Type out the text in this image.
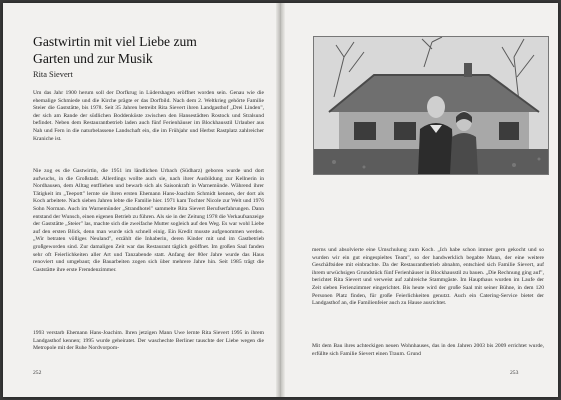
Gastwirtin mit viel Liebe zum
Garten und zur Musik
Rita Sievert

Um das Jahr 1900 herum soll der Dorfkrug in Lüdershagen eröffnet worden sein. Genau wie die ehemalige Schmiede und die Kirche prägte er das Dorfbild. Nach dem 2. Weltkrieg gehörte Familie Steier die Gaststätte, bis 1978. Seit 35 Jahren betreibt Rita Sievert ihren Landgasthof „Drei Linden", der sich am Rande der südlichen Boddenküste zwischen den Hansestädten Rostock und Stralsund befindet. Neben dem Restaurantbetrieb laden auch fünf Ferienhäuser im Blockhausstil Urlauber aus Nah und Fern in die naturbelassene Landschaft ein, die im Frühjahr und Herbst Rastplatz zahlreicher Kraniche ist.

Nie zog es die Gastwirtin, die 1951 im ländlichen Urbach (Südharz) geboren wurde und dort aufwuchs, in die Großstadt. Allerdings wollte auch sie, nach ihrer Ausbildung zur Kellnerin in Nordhausen, dem Alltag entfliehen und bewarb sich als Saisonkraft in Warnemünde. Während ihrer Tätigkeit im „Teepott" lernte sie ihren ersten Ehemann Hans-Joachim Schmidt kennen, der dort als Koch arbeitete. Nach sieben Jahren lebte die Familie hier. 1971 kam Tochter Nicole zur Welt und 1976 Sohn Norman. Auch im Warnemünder „Strandhotel" sammelte Rita Sievert Berufserfahrungen. Dann entstand der Wunsch, einen eigenen Betrieb zu führen. Als sie in der Zeitung 1978 die Verkaufsanzeige der Gaststätte „Steier" las, machte sich die zweifache Mutter sogleich auf den Weg. Es war wohl Liebe auf den ersten Blick, denn man wurde sich schnell einig. Ein Kredit musste aufgenommen werden. „Wir betraten völliges Neuland", erzählt die Inhaberin, deren Kinder mit und im Gastbetrieb großgeworden sind. Zur damaligen Zeit war das Restaurant täglich geöffnet. Im großen Saal fanden sehr oft Feierlichkeiten aller Art und Tanzabende statt. Anfang der 80er Jahre wurde das Haus renoviert und umgebaut; die Bauarbeiten zogen sich über mehrere Jahre hin. Seit 1985 trägt die Gaststätte ihre erste Fremdenzimmer.

1993 verstarb Ehemann Hans-Joachim. Ihren jetzigen Mann Uwe lernte Rita Sievert 1995 in ihrem Landgasthof kennen; 1995 wurde geheiratet. Der waschechte Berliner tauschte der Liebe wegen die Metropole mit der Ruhe Nordvorpom-

252

merns und absolvierte eine Umschulung zum Koch. „Ich habe schon immer gern gekocht und so wurden wir ein gut eingespieltes Team", so der handwerklich begabte Mann, der eine weitere Geschäftsidee mit einbrachte. Da der Restaurantbetrieb abnahm, entschied sich Familie Sievert, auf ihrem urwüchsigen Grundstück fünf Ferienhäuser in Blockhausstil zu bauen. „Die Rechnung ging auf", berichtet Rita Sievert und verweist auf zahlreiche Stammgäste. Im Haupthaus wurden im Laufe der Zeit sieben Ferienzimmer eingerichtet. Bis heute wird der große Saal mit seiner Bühne, in dem 120 Personen Platz finden, für große Feierlichkeiten genutzt. Auch ein Catering-Service bietet der Landgasthof an, die Familienfeier auch zu Hause ausrichtet.

Mit dem Bau ihres achteckigen neuen Wohnhauses, das in den Jahren 2003 bis 2009 errichtet wurde, erfüllte sich Familie Sievert einen Traum. Grund

253
